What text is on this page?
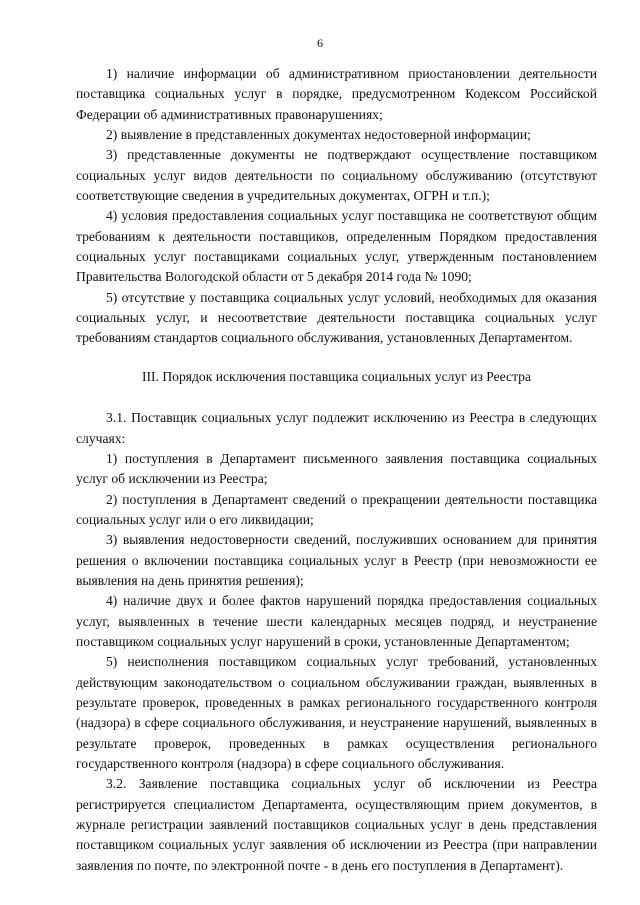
6

1) наличие информации об административном приостановлении деятельности поставщика социальных услуг в порядке, предусмотренном Кодексом Российской Федерации об административных правонарушениях;

2) выявление в представленных документах недостоверной информации;

3) представленные документы не подтверждают осуществление поставщиком социальных услуг видов деятельности по социальному обслуживанию (отсутствуют соответствующие сведения в учредительных документах, ОГРН и т.п.);

4) условия предоставления социальных услуг поставщика не соответствуют общим требованиям к деятельности поставщиков, определенным Порядком предоставления социальных услуг поставщиками социальных услуг, утвержденным постановлением Правительства Вологодской области от 5 декабря 2014 года № 1090;

5) отсутствие у поставщика социальных услуг условий, необходимых для оказания социальных услуг, и несоответствие деятельности поставщика социальных услуг требованиям стандартов социального обслуживания, установленных Департаментом.

III. Порядок исключения поставщика социальных услуг из Реестра

3.1. Поставщик социальных услуг подлежит исключению из Реестра в следующих случаях:

1) поступления в Департамент письменного заявления поставщика социальных услуг об исключении из Реестра;

2) поступления в Департамент сведений о прекращении деятельности поставщика социальных услуг или о его ликвидации;

3) выявления недостоверности сведений, послуживших основанием для принятия решения о включении поставщика социальных услуг в Реестр (при невозможности ее выявления на день принятия решения);

4) наличие двух и более фактов нарушений порядка предоставления социальных услуг, выявленных в течение шести календарных месяцев подряд, и неустранение поставщиком социальных услуг нарушений в сроки, установленные Департаментом;

5) неисполнения поставщиком социальных услуг требований, установленных действующим законодательством о социальном обслуживании граждан, выявленных в результате проверок, проведенных в рамках регионального государственного контроля (надзора) в сфере социального обслуживания, и неустранение нарушений, выявленных в результате проверок, проведенных в рамках осуществления регионального государственного контроля (надзора) в сфере социального обслуживания.

3.2. Заявление поставщика социальных услуг об исключении из Реестра регистрируется специалистом Департамента, осуществляющим прием документов, в журнале регистрации заявлений поставщиков социальных услуг в день представления поставщиком социальных услуг заявления об исключении из Реестра (при направлении заявления по почте, по электронной почте - в день его поступления в Департамент).
